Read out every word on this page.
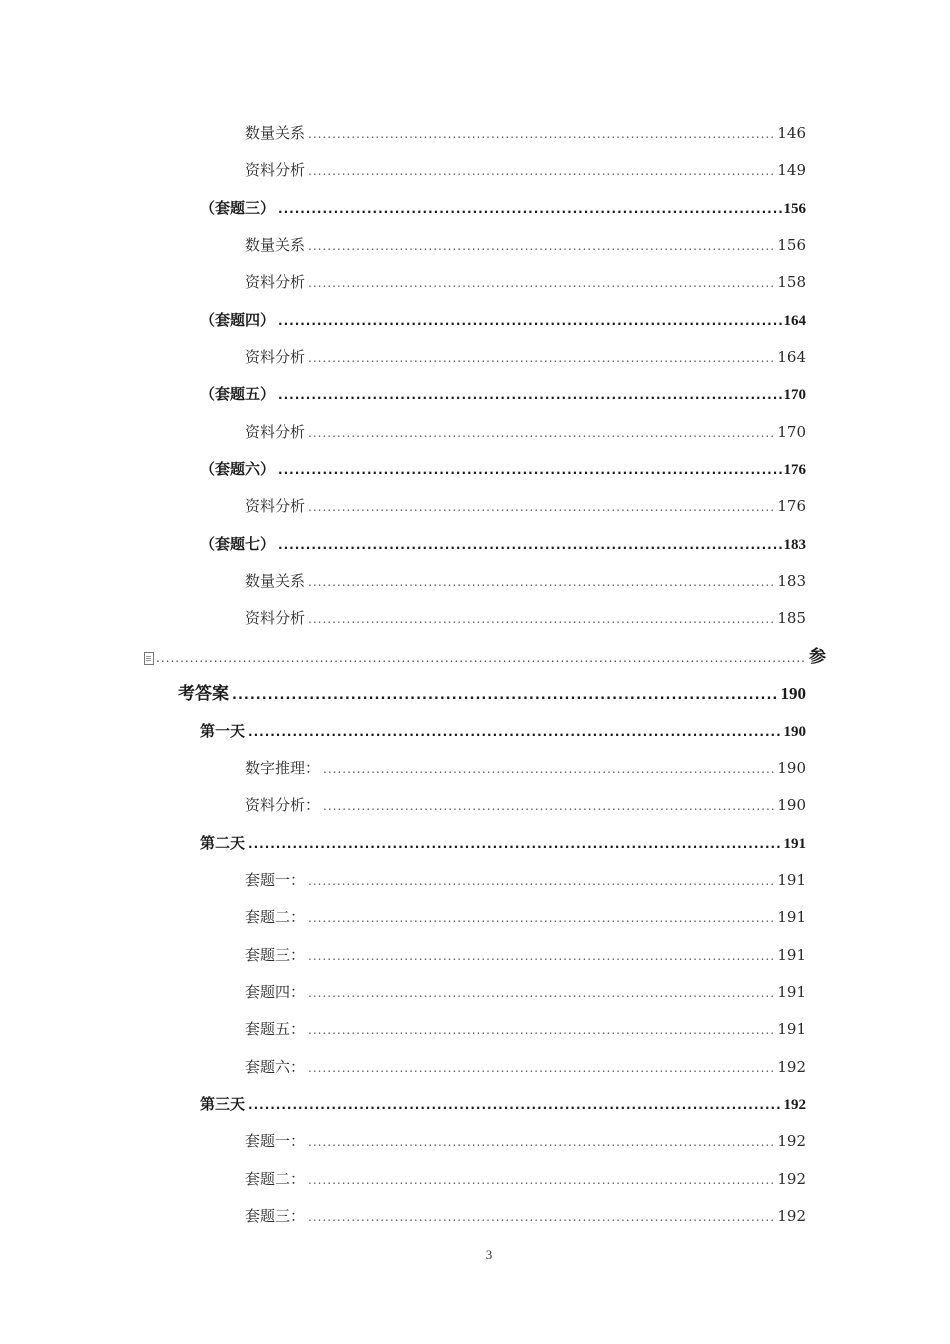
数量关系 .....	146
资料分析 .....	149
（套题三） .....	156
数量关系 .....	156
资料分析 .....	158
（套题四） .....	164
资料分析 .....	164
（套题五） .....	170
资料分析 .....	170
（套题六） .....	176
资料分析 .....	176
（套题七） .....	183
数量关系 .....	183
资料分析 .....	185
.....
参
考答案 .....	190
第一天 .....	190
数字推理： .....	190
资料分析： .....	190
第二天 .....	191
套题一： .....	191
套题二： .....	191
套题三： .....	191
套题四： .....	191
套题五： .....	191
套题六： .....	192
第三天 .....	192
套题一： .....	192
套题二： .....	192
套题三： .....	192
3
